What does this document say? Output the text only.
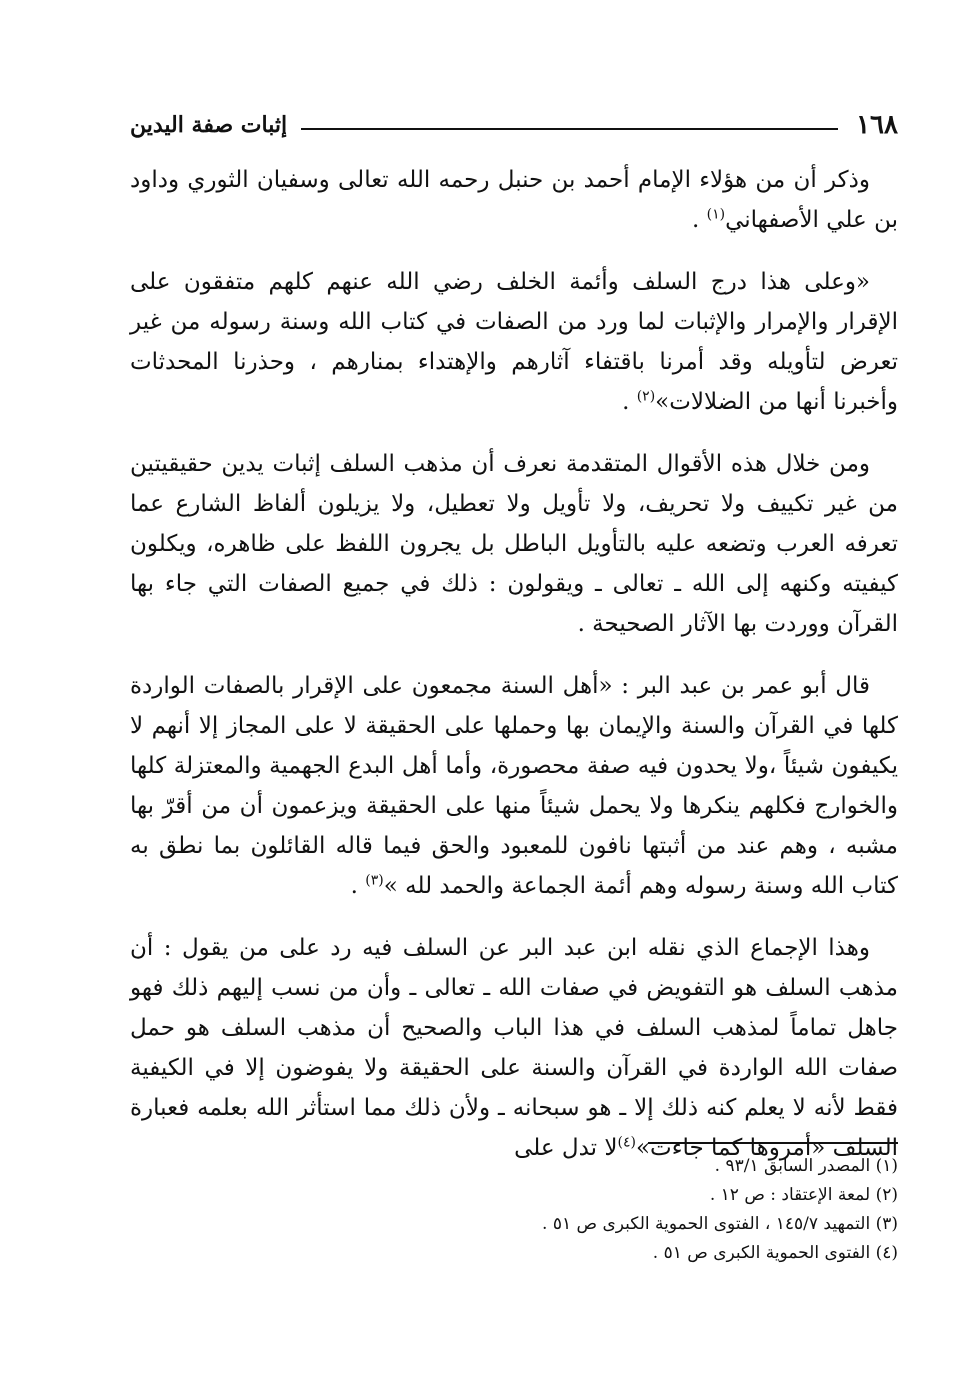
١٦٨
إثبات صفة اليدين

وذكر أن من هؤلاء الإمام أحمد بن حنبل رحمه الله تعالى وسفيان الثوري وداود بن علي الأصفهاني$^{(١)}$ .

«وعلى هذا درج السلف وأئمة الخلف رضي الله عنهم كلهم متفقون على الإقرار والإمرار والإثبات لما ورد من الصفات في كتاب الله وسنة رسوله من غير تعرض لتأويله وقد أمرنا باقتفاء آثارهم والإهتداء بمنارهم ، وحذرنا المحدثات وأخبرنا أنها من الضلالات»$^{(٢)}$ .

ومن خلال هذه الأقوال المتقدمة نعرف أن مذهب السلف إثبات يدين حقيقيتين من غير تكييف ولا تحريف، ولا تأويل ولا تعطيل، ولا يزيلون ألفاظ الشارع عما تعرفه العرب وتضعه عليه بالتأويل الباطل بل يجرون اللفظ على ظاهره، ويكلون كيفيته وكنهه إلى الله ـ تعالى ـ ويقولون : ذلك في جميع الصفات التي جاء بها القرآن ووردت بها الآثار الصحيحة .

قال أبو عمر بن عبد البر : «أهل السنة مجمعون على الإقرار بالصفات الواردة كلها في القرآن والسنة والإيمان بها وحملها على الحقيقة لا على المجاز إلا أنهم لا يكيفون شيئاً ،ولا يحدون فيه صفة محصورة، وأما أهل البدع الجهمية والمعتزلة كلها والخوارج فكلهم ينكرها ولا يحمل شيئاً منها على الحقيقة ويزعمون أن من أقرّ بها مشبه ، وهم عند من أثبتها نافون للمعبود والحق فيما قاله القائلون بما نطق به كتاب الله وسنة رسوله وهم أئمة الجماعة والحمد لله »$^{(٣)}$ .

وهذا الإجماع الذي نقله ابن عبد البر عن السلف فيه رد على من يقول : أن مذهب السلف هو التفويض في صفات الله ـ تعالى ـ وأن من نسب إليهم ذلك فهو جاهل تماماً لمذهب السلف في هذا الباب والصحيح أن مذهب السلف هو حمل صفات الله الواردة في القرآن والسنة على الحقيقة ولا يفوضون إلا في الكيفية فقط لأنه لا يعلم كنه ذلك إلا ـ هو سبحانه ـ ولأن ذلك مما استأثر الله بعلمه فعبارة السلف «أمروها كما جاءت»$^{(٤)}$لا تدل على

(١) المصدر السابق ٩٣/١ .

(٢) لمعة الإعتقاد : ص ١٢ .

(٣) التمهيد ١٤٥/٧ ، الفتوى الحموية الكبرى ص ٥١ .

(٤) الفتوى الحموية الكبرى ص ٥١ .
